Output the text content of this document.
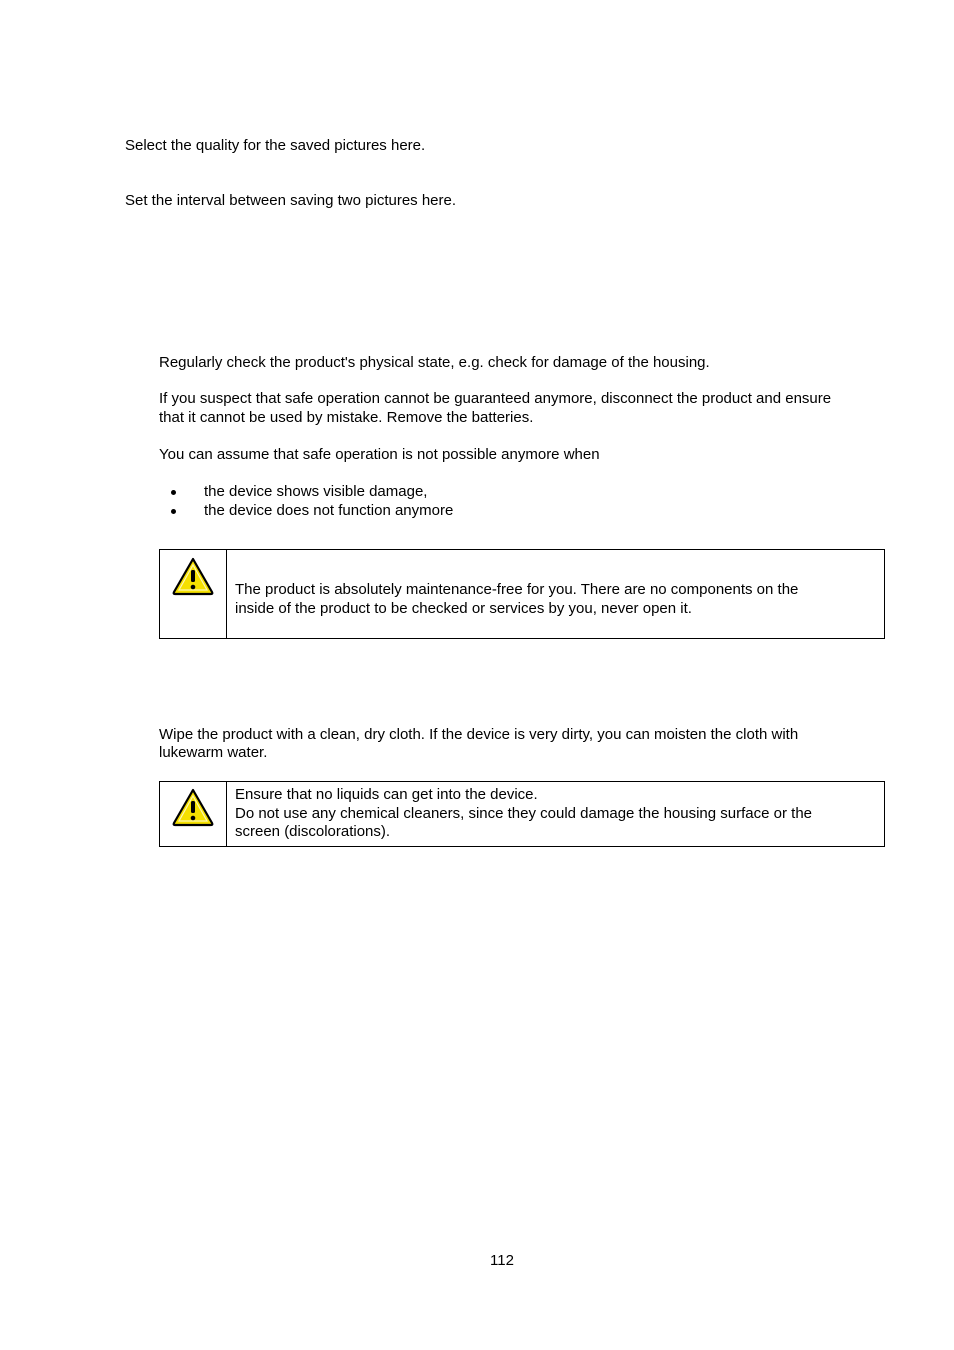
Select the quality for the saved pictures here.
Set the interval between saving two pictures here.
Regularly check the product's physical state, e.g. check for damage of the housing.
If you suspect that safe operation cannot be guaranteed anymore, disconnect the product and ensure
that it cannot be used by mistake. Remove the batteries.
You can assume that safe operation is not possible anymore when
the device shows visible damage,
the device does not function anymore
The product is absolutely maintenance-free for you. There are no components on the
inside of the product to be checked or services by you, never open it.
Wipe the product with a clean, dry cloth. If the device is very dirty, you can moisten the cloth with
lukewarm water.
Ensure that no liquids can get into the device.
Do not use any chemical cleaners, since they could damage the housing surface or the
screen (discolorations).
112
